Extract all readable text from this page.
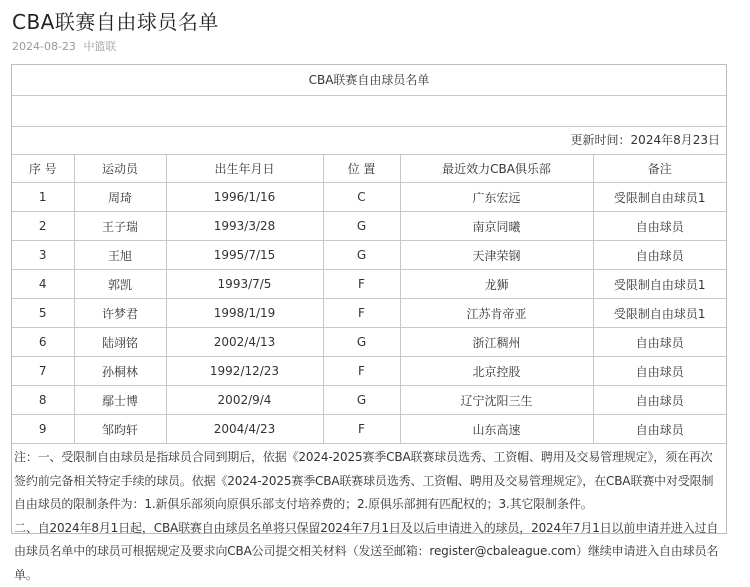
CBA联赛自由球员名单
2024-08-23 中篮联
CBA联赛自由球员名单
更新时间：2024年8月23日
序 号	运动员	出生年月日	位 置	最近效力CBA俱乐部	备注
1	周琦	1996/1/16	C	广东宏远	受限制自由球员1
2	王子瑞	1993/3/28	G	南京同曦	自由球员
3	王旭	1995/7/15	G	天津荣钢	自由球员
4	郭凯	1993/7/5	F	龙狮	受限制自由球员1
5	许梦君	1998/1/19	F	江苏肯帝亚	受限制自由球员1
6	陆翊铭	2002/4/13	G	浙江稠州	自由球员
7	孙桐林	1992/12/23	F	北京控股	自由球员
8	鄢士博	2002/9/4	G	辽宁沈阳三生	自由球员
9	邹昀轩	2004/4/23	F	山东高速	自由球员

注：一、受限制自由球员是指球员合同到期后，依据《2024-2025赛季CBA联赛球员选秀、工资帽、聘用及交易管理规定》，须在再次签约前完备相关特定手续的球员。依据《2024-2025赛季CBA联赛球员选秀、工资帽、聘用及交易管理规定》，在CBA联赛中对受限制自由球员的限制条件为：1.新俱乐部须向原俱乐部支付培养费的；2.原俱乐部拥有匹配权的；3.其它限制条件。

二、自2024年8月1日起，CBA联赛自由球员名单将只保留2024年7月1日及以后申请进入的球员，2024年7月1日以前申请并进入过自由球员名单中的球员可根据规定及要求向CBA公司提交相关材料（发送至邮箱：register@cbaleague.com）继续申请进入自由球员名单。
